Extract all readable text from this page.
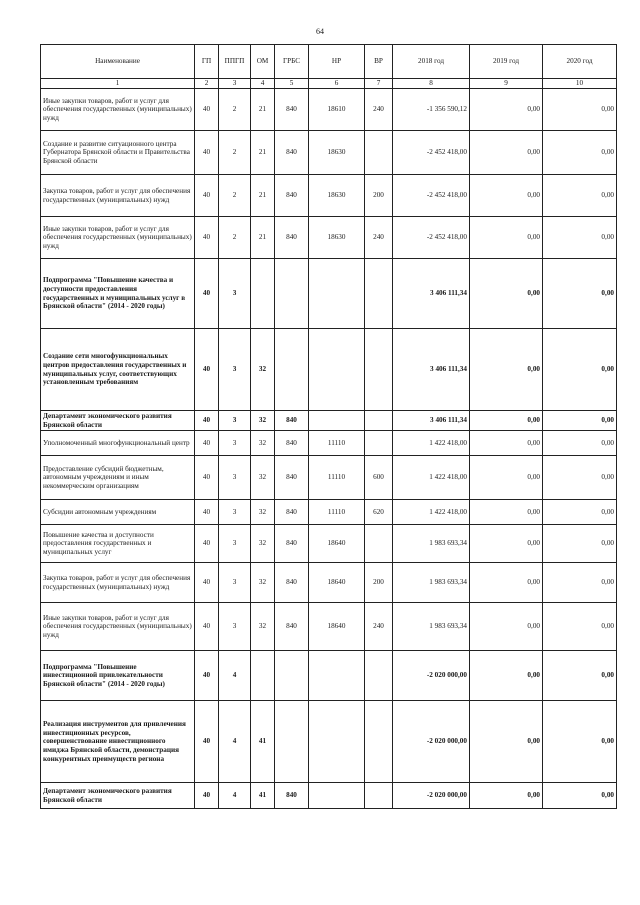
64
Наименование	ГП	ППГП	ОМ	ГРБС	НР	ВР	2018 год	2019 год	2020 год
1	2	3	4	5	6	7	8	9	10
Иные закупки товаров, работ и услуг для обеспечения государственных (муниципальных) нужд	40	2	21	840	18610	240	-1 356 590,12	0,00	0,00
Создание и развитие ситуационного центра Губернатора Брянской области и Правительства Брянской области	40	2	21	840	18630		-2 452 418,00	0,00	0,00
Закупка товаров, работ и услуг для обеспечения государственных (муниципальных) нужд	40	2	21	840	18630	200	-2 452 418,00	0,00	0,00
Иные закупки товаров, работ и услуг для обеспечения государственных (муниципальных) нужд	40	2	21	840	18630	240	-2 452 418,00	0,00	0,00
Подпрограмма "Повышение качества и доступности предоставления государственных и муниципальных услуг в Брянской области" (2014 - 2020 годы)	40	3					3 406 111,34	0,00	0,00
Создание сети многофункциональных центров предоставления государственных и муниципальных услуг, соответствующих установленным требованиям	40	3	32				3 406 111,34	0,00	0,00
Департамент экономического развития Брянской области	40	3	32	840			3 406 111,34	0,00	0,00
Уполномоченный многофункциональный центр	40	3	32	840	11110		1 422 418,00	0,00	0,00
Предоставление субсидий бюджетным, автономным учреждениям и иным некоммерческим организациям	40	3	32	840	11110	600	1 422 418,00	0,00	0,00
Субсидии автономным учреждениям	40	3	32	840	11110	620	1 422 418,00	0,00	0,00
Повышение качества и доступности предоставления государственных и муниципальных услуг	40	3	32	840	18640		1 983 693,34	0,00	0,00
Закупка товаров, работ и услуг для обеспечения государственных (муниципальных) нужд	40	3	32	840	18640	200	1 983 693,34	0,00	0,00
Иные закупки товаров, работ и услуг для обеспечения государственных (муниципальных) нужд	40	3	32	840	18640	240	1 983 693,34	0,00	0,00
Подпрограмма "Повышение инвестиционной привлекательности Брянской области" (2014 - 2020 годы)	40	4					-2 020 000,00	0,00	0,00
Реализация инструментов для привлечения инвестиционных ресурсов, совершенствование инвестиционного имиджа Брянской области, демонстрация конкурентных преимуществ региона	40	4	41				-2 020 000,00	0,00	0,00
Департамент экономического развития Брянской области	40	4	41	840			-2 020 000,00	0,00	0,00
